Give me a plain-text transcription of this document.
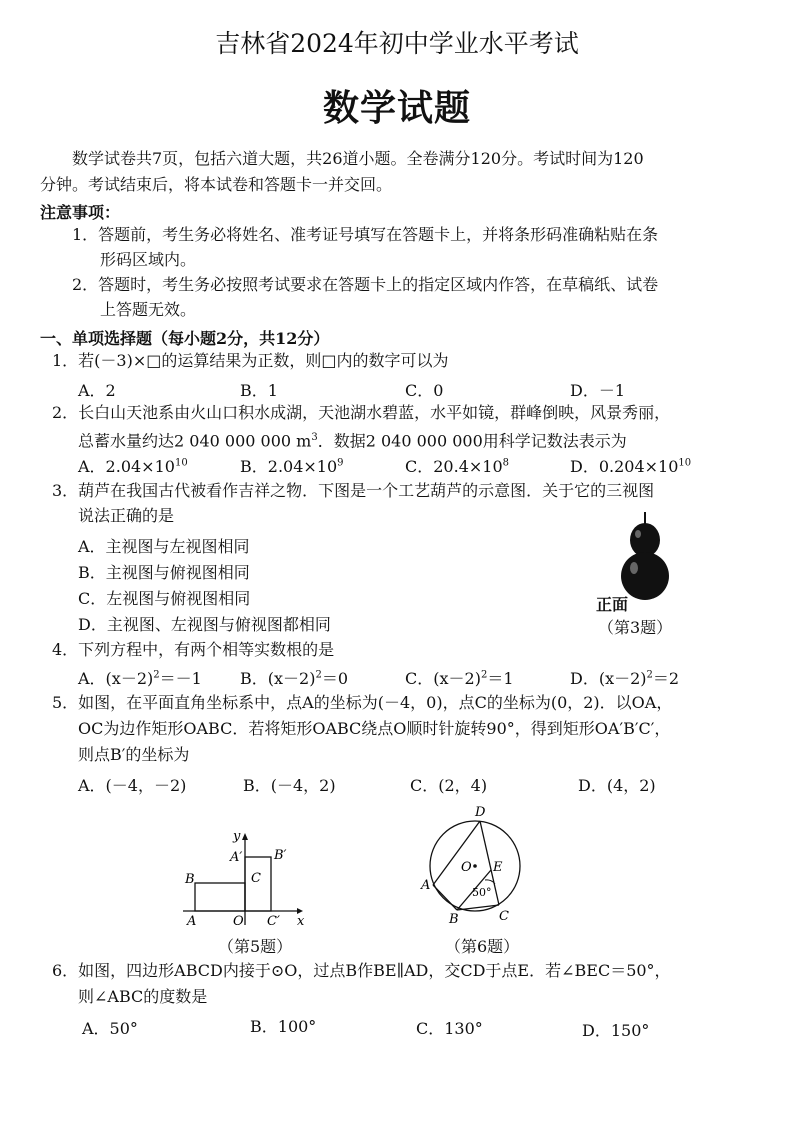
吉林省2024年初中学业水平考试
数学试题
数学试卷共7页，包括六道大题，共26道小题。全卷满分120分。考试时间为120
分钟。考试结束后，将本试卷和答题卡一并交回。
注意事项：
1．答题前，考生务必将姓名、准考证号填写在答题卡上，并将条形码准确粘贴在条
形码区域内。
2．答题时，考生务必按照考试要求在答题卡上的指定区域内作答，在草稿纸、试卷
上答题无效。
一、单项选择题（每小题2分，共12分）
1．若(－3)×□的运算结果为正数，则□内的数字可以为
A．2	B．1	C．0	D．－1
2．长白山天池系由火山口积水成湖，天池湖水碧蓝，水平如镜，群峰倒映，风景秀丽，
总蓄水量约达2 040 000 000 $m^3$．数据2 040 000 000用科学记数法表示为
A．$2.04\times 10^{10}$	B．$2.04\times 10^9$	C．$20.4\times 10^8$	D．$0.204\times 10^{10}$
3．葫芦在我国古代被看作吉祥之物．下图是一个工艺葫芦的示意图．关于它的三视图
说法正确的是
A．主视图与左视图相同
B．主视图与俯视图相同
C．左视图与俯视图相同
D．主视图、左视图与俯视图都相同
正面
（第3题）
4．下列方程中，有两个相等实数根的是
A．$(x-2)^2=-1$ B．$(x-2)^2=0$	C．$(x-2)^2=1$	D．$(x-2)^2=2$
5．如图，在平面直角坐标系中，点A的坐标为(－4，0)，点C的坐标为(0，2)．以OA，
OC为边作矩形OABC．若将矩形OABC绕点O顺时针旋转90°，得到矩形OA′B′C′，
则点B′的坐标为
A．(－4，－2)	B．(－4，2)	C．(2，4)	D．(4，2)
y
x
A′ B′
B	C
A	O C′
（第5题）
D
O E
A
B	C
50°
（第6题）
6．如图，四边形ABCD内接于⊙O，过点B作BE∥AD，交CD于点E．若∠BEC＝50°，
则∠ABC的度数是
A．50°	B．100°	C．130°	D．150°
